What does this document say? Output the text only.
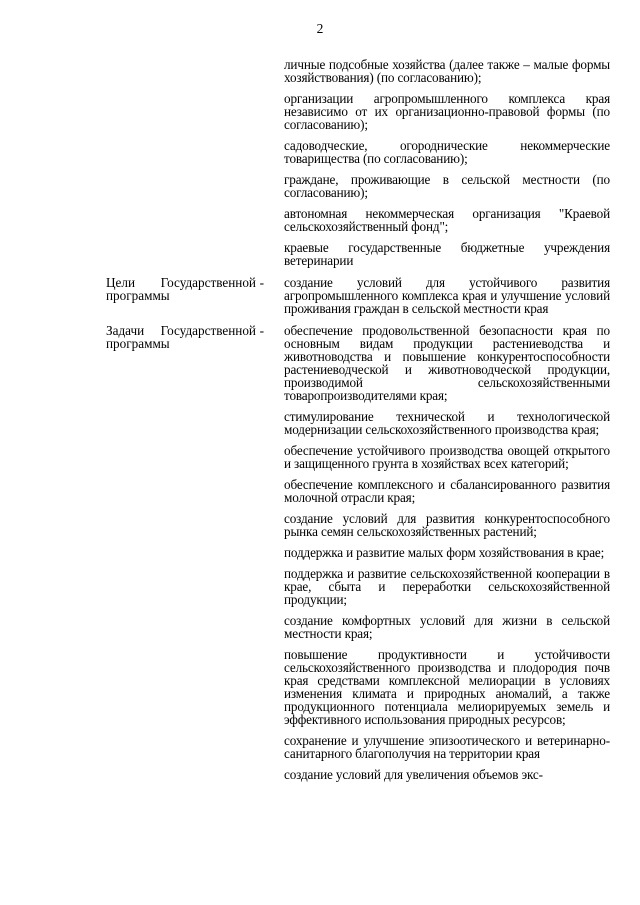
2
личные подсобные хозяйства (далее также – малые формы хозяйствования) (по согласованию);
организации агропромышленного комплекса края независимо от их организационно-правовой формы (по согласованию);
садоводческие, огороднические некоммерческие товарищества (по согласованию);
граждане, проживающие в сельской местности (по согласованию);
автономная некоммерческая организация "Краевой сельскохозяйственный фонд";
краевые государственные бюджетные учреждения ветеринарии
Цели Государственной программы
- создание условий для устойчивого развития агропромышленного комплекса края и улучшение условий проживания граждан в сельской местности края
Задачи Государственной программы
- обеспечение продовольственной безопасности края по основным видам продукции растениеводства и животноводства и повышение конкурентоспособности растениеводческой и животноводческой продукции, производимой сельскохозяйственными товаропроизводителями края;
стимулирование технической и технологической модернизации сельскохозяйственного производства края;
обеспечение устойчивого производства овощей открытого и защищенного грунта в хозяйствах всех категорий;
обеспечение комплексного и сбалансированного развития молочной отрасли края;
создание условий для развития конкурентоспособного рынка семян сельскохозяйственных растений;
поддержка и развитие малых форм хозяйствования в крае;
поддержка и развитие сельскохозяйственной кооперации в крае, сбыта и переработки сельскохозяйственной продукции;
создание комфортных условий для жизни в сельской местности края;
повышение продуктивности и устойчивости сельскохозяйственного производства и плодородия почв края средствами комплексной мелиорации в условиях изменения климата и природных аномалий, а также продукционного потенциала мелиорируемых земель и эффективного использования природных ресурсов;
сохранение и улучшение эпизоотического и ветеринарно-санитарного благополучия на территории края
создание условий для увеличения объемов экс-
